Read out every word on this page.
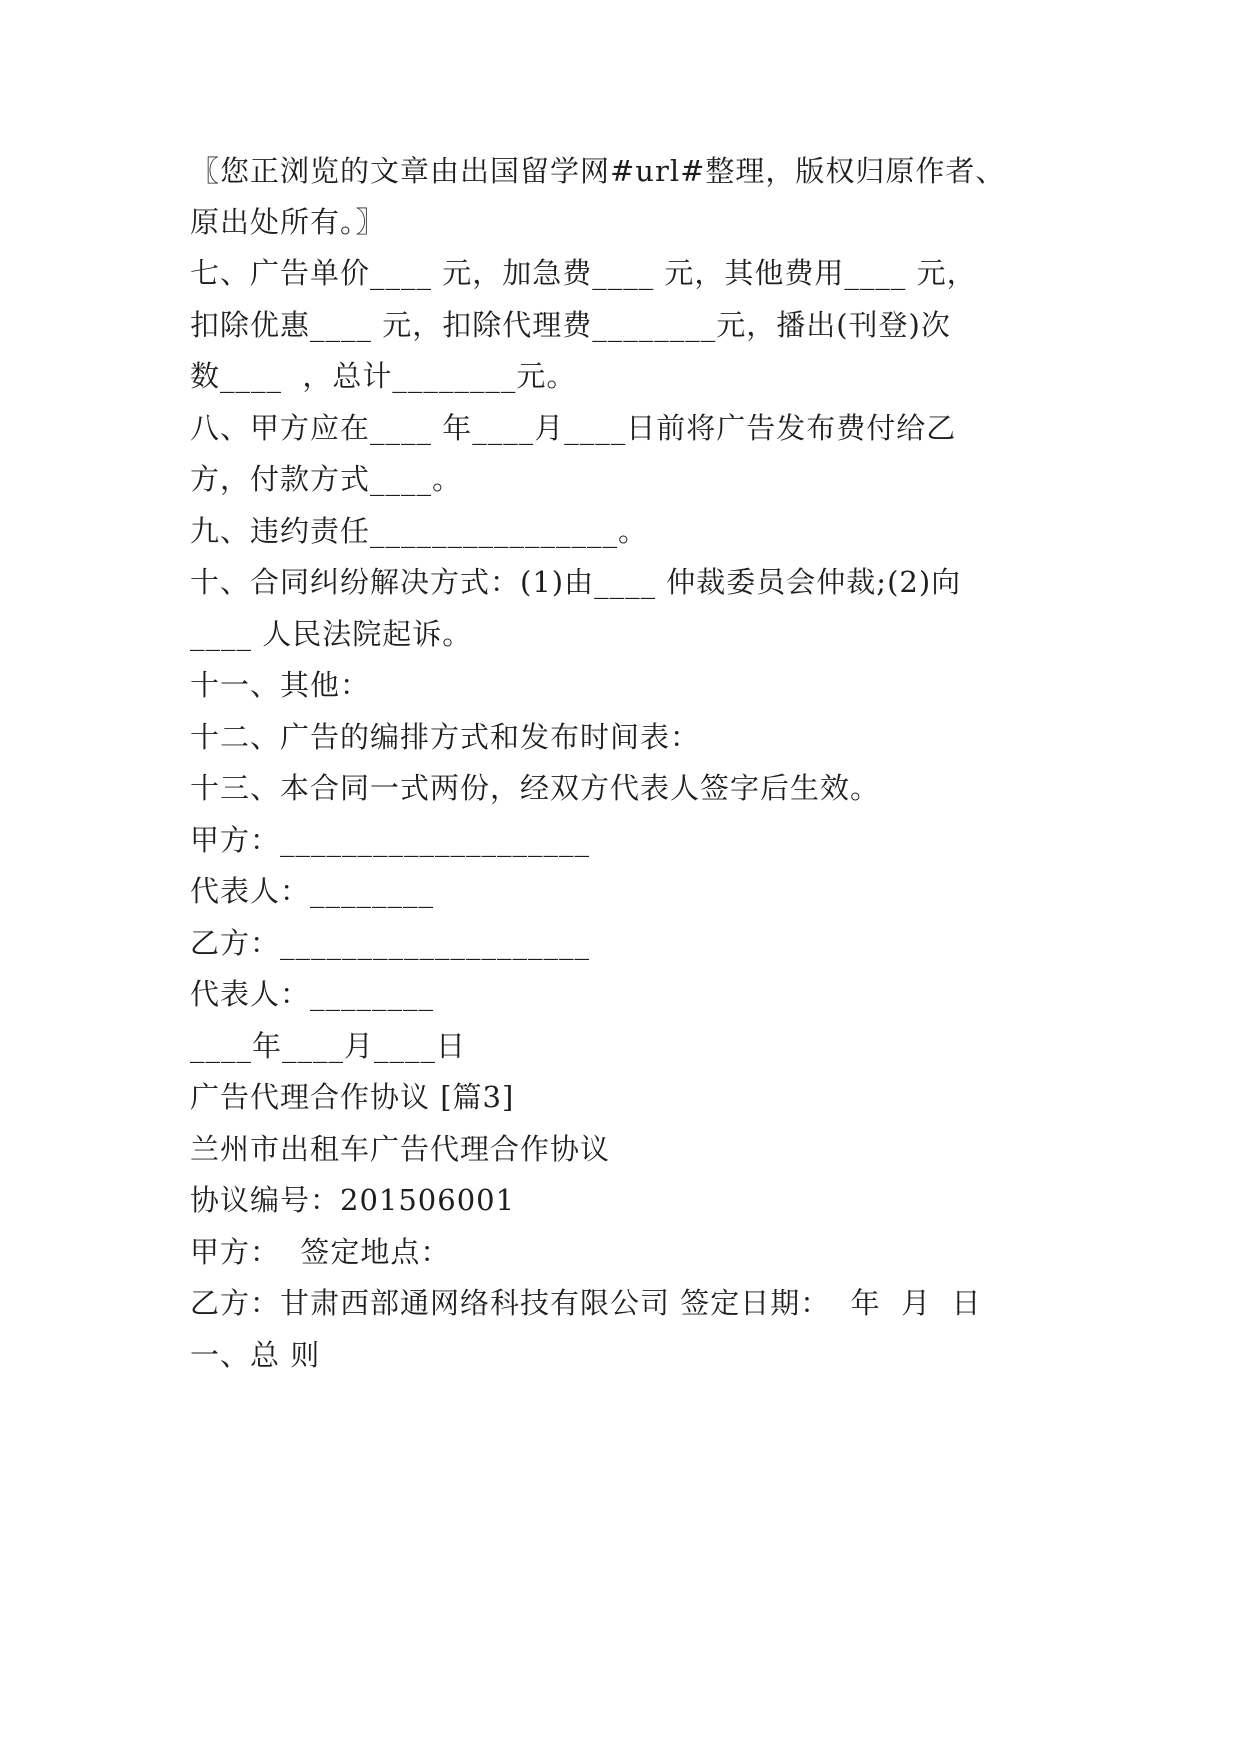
〖您正浏览的文章由出国留学网#url#整理，版权归原作者、
原出处所有。〗
七、广告单价____ 元，加急费____ 元，其他费用____ 元，
扣除优惠____ 元，扣除代理费________元，播出(刊登)次
数____  ，总计________元。
八、甲方应在____ 年____月____日前将广告发布费付给乙
方，付款方式____。
九、违约责任________________。
十、合同纠纷解决方式：(1)由____ 仲裁委员会仲裁;(2)向
____ 人民法院起诉。
十一、其他：
十二、广告的编排方式和发布时间表：
十三、本合同一式两份，经双方代表人签字后生效。
甲方：____________________
代表人：________
乙方：____________________
代表人：________
____年____月____日
广告代理合作协议 [篇3]
兰州市出租车广告代理合作协议
协议编号：201506001
甲方：  签定地点：
乙方：甘肃西部通网络科技有限公司 签定日期：  年  月  日
一、总 则
